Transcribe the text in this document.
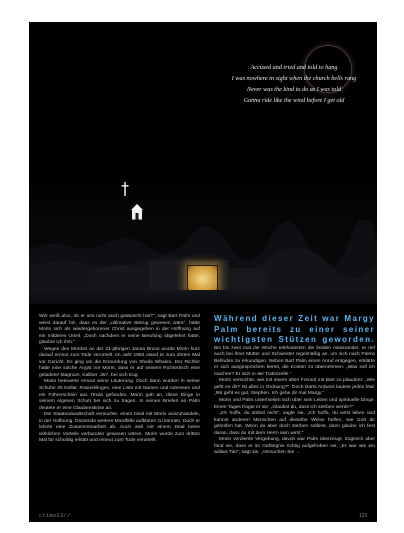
Accused and tried and told to hang
I was nowhere in sight when the church bells rang
Never was the kind to do as I was told
Gonna ride like the wind before I get old

Wer weiß also, ob er uns nicht auch getäuscht hat?", sagt Bart Palm und weist darauf hin, dass es der „ultimative Betrug gewesen wäre“, hätte Morin sich als wiedergeborener Christ ausgegeben in der Hoffnung auf ein milderes Urteil. „Doch nachdem er seine Berufung abgelehnt hatte, glaubte ich ihm.“

Wegen des Mordes an der 21-jährigen Janna Bruce wurde Morin kurz darauf erneut zum Tode verurteilt. Im Jahr 1984 stand er zum dritten Mal vor Gericht. Es ging um die Ermordung von Sheila Whalen. Der Richter hatte eine solche Angst vor Morin, dass er auf seinem Richtertisch eine geladene Magnum, Kaliber .357, bei sich trug.

Morin beteuerte erneut seine Läuterung. Doch dann wurden in seiner Schuhe 30 Dollar, Rasierklingen, eine Liste mit Namen und Adressen und ein Führerschein aus Texas gefunden. Morin gab an, diese Dinge in seinem eigenen Schuh bei sich zu tragen. In seinen Briefen an Palm deutete er eine Glaubenskrise an.

Die Staatsanwaltschaft versuchte, einen Deal mit Morin auszuhandeln, in der Hoffnung, Dutzende weitere Mordfälle aufklären zu können. Doch er lehnte eine Zusammenarbeit ab. Auch weil mit einem Deal keine wirklichen Vorteile verbunden gewesen wären. Morin wurde zum dritten Mal für schuldig erklärt und erneut zum Tode verurteilt.

Während dieser Zeit war Margy Palm bereits zu einer seiner wichtigsten Stützen geworden. Bis bis zwei mal die Woche telefonierten die beiden miteinander, er rief auch bei Ihrer Mutter und Schwester regelmäßig an, um sich nach Palms Befinden zu erkundigen. Neben Bart Palm einen Anruf entgegen, erklärte er sich ausgesprochen bereit, die Kosten zu übernehmen: „Was soll ich machen? Er sitzt in der Todeszelle.“

Morin versuchte, wie mit einem alten Freund mit Bart zu plaudern: „Wie geht es dir? Ist alles in Ordnung?“. Doch Barts Antwort lautete jedes Mal: „Mir geht es gut, Stephen. Ich gebe dir mal Margy.“

Morin und Palm unterhielten sich über sein Leben und spirituelle Dinge. Einen Tages fragte er sie: „Glaubst du, dass ich sterben werde?“

„Ich hoffe, du stirbst nicht“, sagte sie. „Ich hoffe, du wirst leben und kannst anderen Menschen auf dieselbe Weise helfen, wie Gott dir geholfen hat. Wenn du aber doch sterben solltest, dann glaube ich fest daran, dass du mit dem Herrn sein wirst.“

Morin verdiente Vergebung, davon war Palm überzeugt. Zugleich aber fand sie, dass er im Gefängnis richtig aufgehoben sei. „Er war wie ein wildes Tier“, sagt sie. „Versuchen Sie →

crime23//	121
